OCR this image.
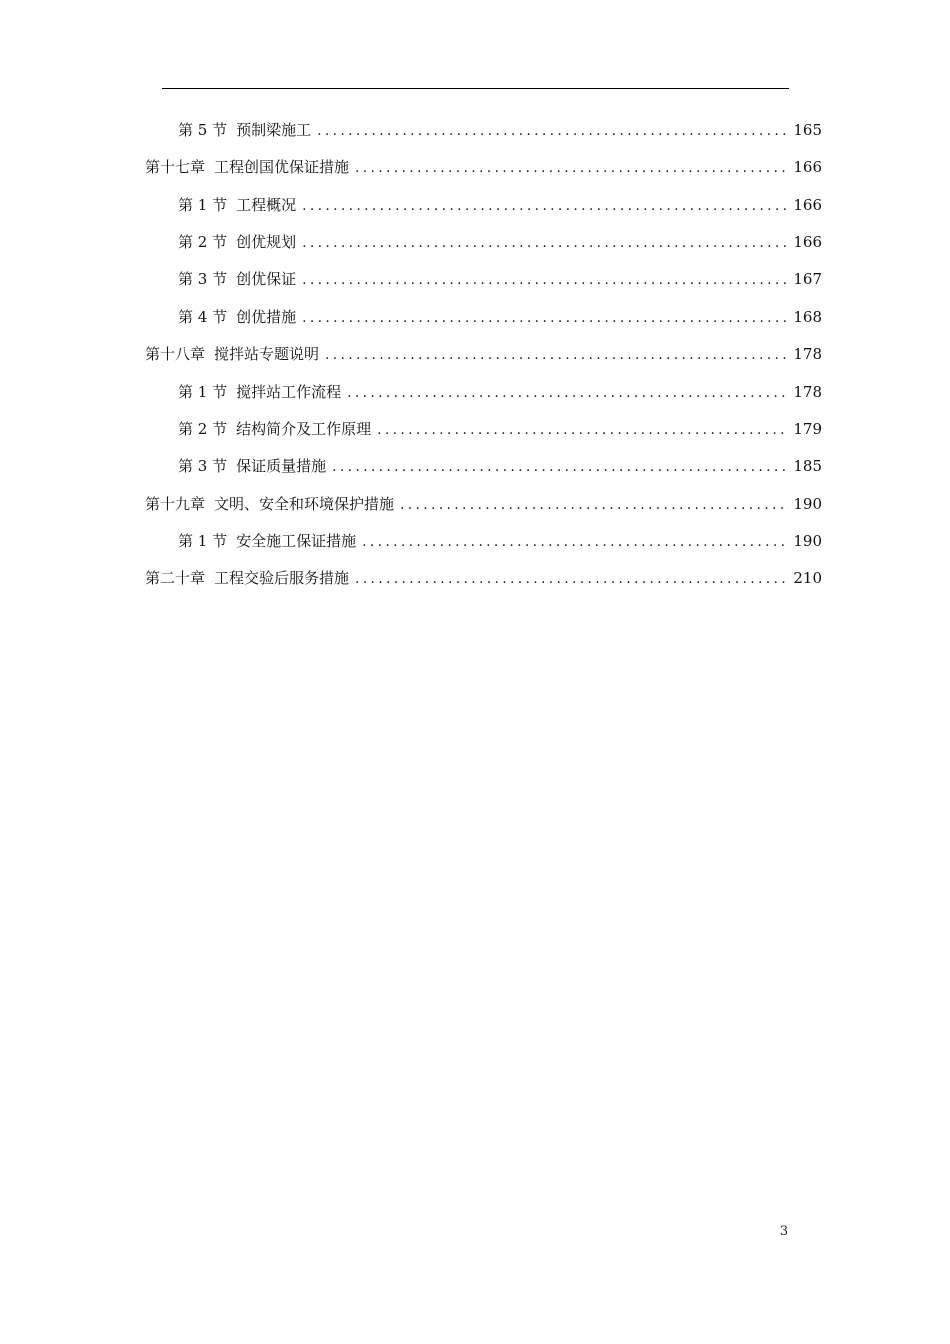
第 5 节 预制梁施工 .....	165
第十七章 工程创国优保证措施 .....	166
第 1 节 工程概况 .....	166
第 2 节 创优规划 .....	166
第 3 节 创优保证 .....	167
第 4 节 创优措施 .....	168
第十八章 搅拌站专题说明 .....	178
第 1 节 搅拌站工作流程 .....	178
第 2 节 结构简介及工作原理 .....	179
第 3 节 保证质量措施 .....	185
第十九章 文明、安全和环境保护措施 .....	190
第 1 节 安全施工保证措施 .....	190
第二十章 工程交验后服务措施 .....	210
3
